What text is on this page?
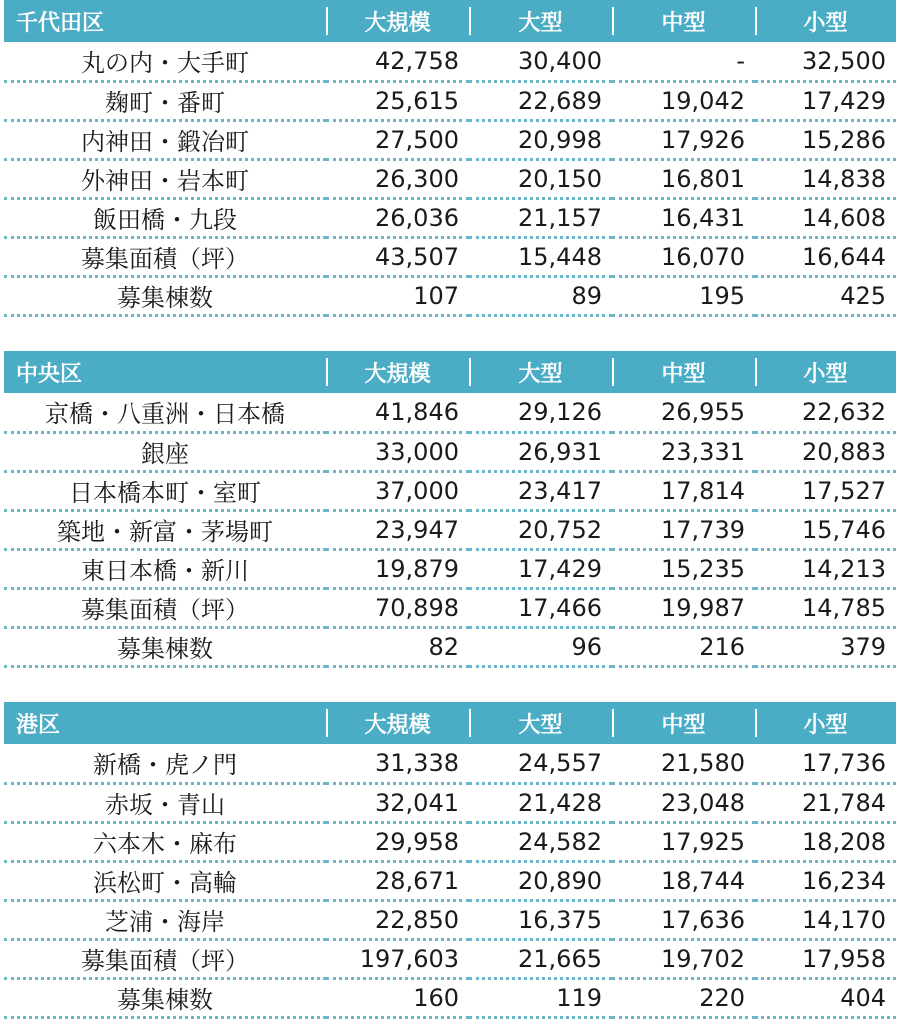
千代田区	大規模	大型	中型	小型
丸の内・大手町	42,758	30,400	-	32,500
麹町・番町	25,615	22,689	19,042	17,429
内神田・鍛冶町	27,500	20,998	17,926	15,286
外神田・岩本町	26,300	20,150	16,801	14,838
飯田橋・九段	26,036	21,157	16,431	14,608
募集面積（坪）	43,507	15,448	16,070	16,644
募集棟数	107	89	195	425
中央区	大規模	大型	中型	小型
京橋・八重洲・日本橋	41,846	29,126	26,955	22,632
銀座	33,000	26,931	23,331	20,883
日本橋本町・室町	37,000	23,417	17,814	17,527
築地・新富・茅場町	23,947	20,752	17,739	15,746
東日本橋・新川	19,879	17,429	15,235	14,213
募集面積（坪）	70,898	17,466	19,987	14,785
募集棟数	82	96	216	379
港区	大規模	大型	中型	小型
新橋・虎ノ門	31,338	24,557	21,580	17,736
赤坂・青山	32,041	21,428	23,048	21,784
六本木・麻布	29,958	24,582	17,925	18,208
浜松町・高輪	28,671	20,890	18,744	16,234
芝浦・海岸	22,850	16,375	17,636	14,170
募集面積（坪）	197,603	21,665	19,702	17,958
募集棟数	160	119	220	404
